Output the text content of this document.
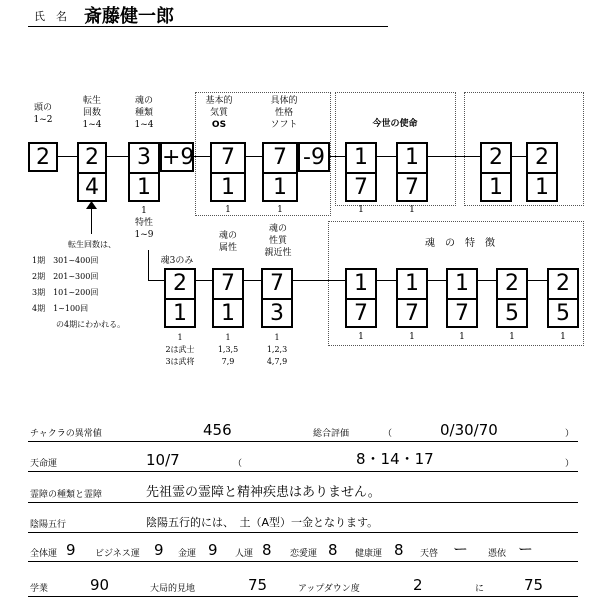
氏　名 斎藤健一郎
頭の
1~2
転生
回数
1~4
魂の
種類
1~4
基本的
気質
OS
具体的
性格
ソフト	今世の使命
2 2
4
3
1
+9	7
1
7
1
-9	1
7
1
7
2
1
2
1
1
特性
1~9
1	1	1	1
転生回数は、
1期　301~400回
2期　201~300回
3期　101~200回
4期　1~100回
の4期にわかれる。
魂3のみ
魂の
属性
魂の
性質
親近性
魂　の　特　徴
2
1
7
1
7
3
1
7
1
7
1
7
2
5
2
5
1
2は武士
3は武将
1
1,3,5
7,9
1
1,2,3
4,7,9
1	1	1	1	1
チャクラの異常値	456	総合評価	（	0/30/70	）
天命運	10/7	（	8・14・17	）
霊障の種類と霊障	先祖霊の霊障と精神疾患はありません。
陰陽五行	陰陽五行的には、　土（A型）一金となります。
全体運 9 ビジネス運 9 金運 9 人運 8 恋愛運 8 健康運 8 天啓 ー 憑依 ー
学業	90	大局的見地	75	アップダウン度	2	に	75
